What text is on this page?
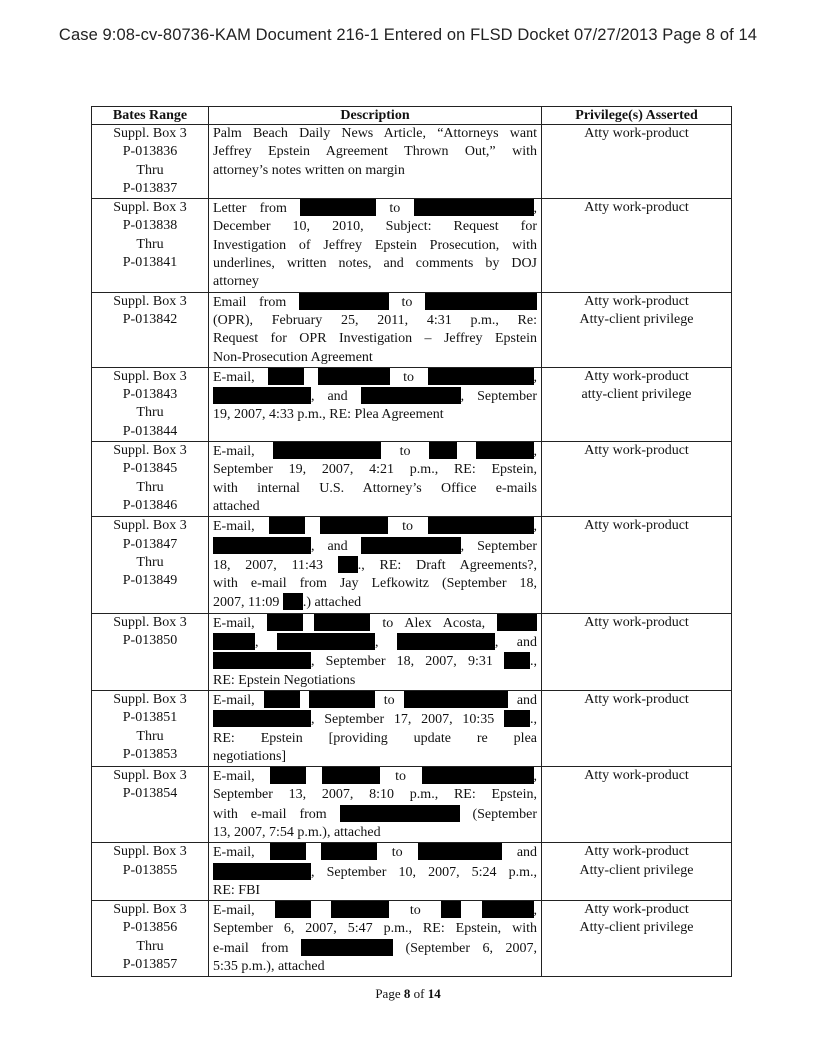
Case 9:08-cv-80736-KAM Document 216-1 Entered on FLSD Docket 07/27/2013 Page 8 of 14
Bates Range	Description	Privilege(s) Asserted

Suppl. Box 3
P-013836
Thru
P-013837	Palm Beach Daily News Article, “Attorneys want
Jeffrey Epstein Agreement Thrown Out,” with
attorney’s notes written on margin	Atty work-product

Suppl. Box 3
P-013838
Thru
P-013841	Letter from to ,
December 10, 2010, Subject: Request for
Investigation of Jeffrey Epstein Prosecution, with
underlines, written notes, and comments by DOJ
attorney	Atty work-product

Suppl. Box 3
P-013842	Email from to
(OPR), February 25, 2011, 4:31 p.m., Re:
Request for OPR Investigation – Jeffrey Epstein
Non-Prosecution Agreement	Atty work-product
Atty-client privilege

Suppl. Box 3
P-013843
Thru
P-013844	E-mail, to ,
, and , September
19, 2007, 4:33 p.m., RE: Plea Agreement	Atty work-product
atty-client privilege

Suppl. Box 3
P-013845
Thru
P-013846	E-mail, to ,
September 19, 2007, 4:21 p.m., RE: Epstein,
with internal U.S. Attorney’s Office e-mails
attached	Atty work-product

Suppl. Box 3
P-013847
Thru
P-013849	E-mail, to ,
, and , September
18, 2007, 11:43 ., RE: Draft Agreements?,
with e-mail from Jay Lefkowitz (September 18,
2007, 11:09 .) attached	Atty work-product

Suppl. Box 3
P-013850	E-mail, to Alex Acosta,
, , , and
, September 18, 2007, 9:31 .,
RE: Epstein Negotiations	Atty work-product

Suppl. Box 3
P-013851
Thru
P-013853	E-mail, to and
, September 17, 2007, 10:35 .,
RE: Epstein [providing update re plea
negotiations]	Atty work-product

Suppl. Box 3
P-013854	E-mail, to ,
September 13, 2007, 8:10 p.m., RE: Epstein,
with e-mail from (September
13, 2007, 7:54 p.m.), attached	Atty work-product

Suppl. Box 3
P-013855	E-mail, to and
, September 10, 2007, 5:24 p.m.,
RE: FBI	Atty work-product
Atty-client privilege

Suppl. Box 3
P-013856
Thru
P-013857	E-mail, to ,
September 6, 2007, 5:47 p.m., RE: Epstein, with
e-mail from (September 6, 2007,
5:35 p.m.), attached	Atty work-product
Atty-client privilege
Page 8 of 14
